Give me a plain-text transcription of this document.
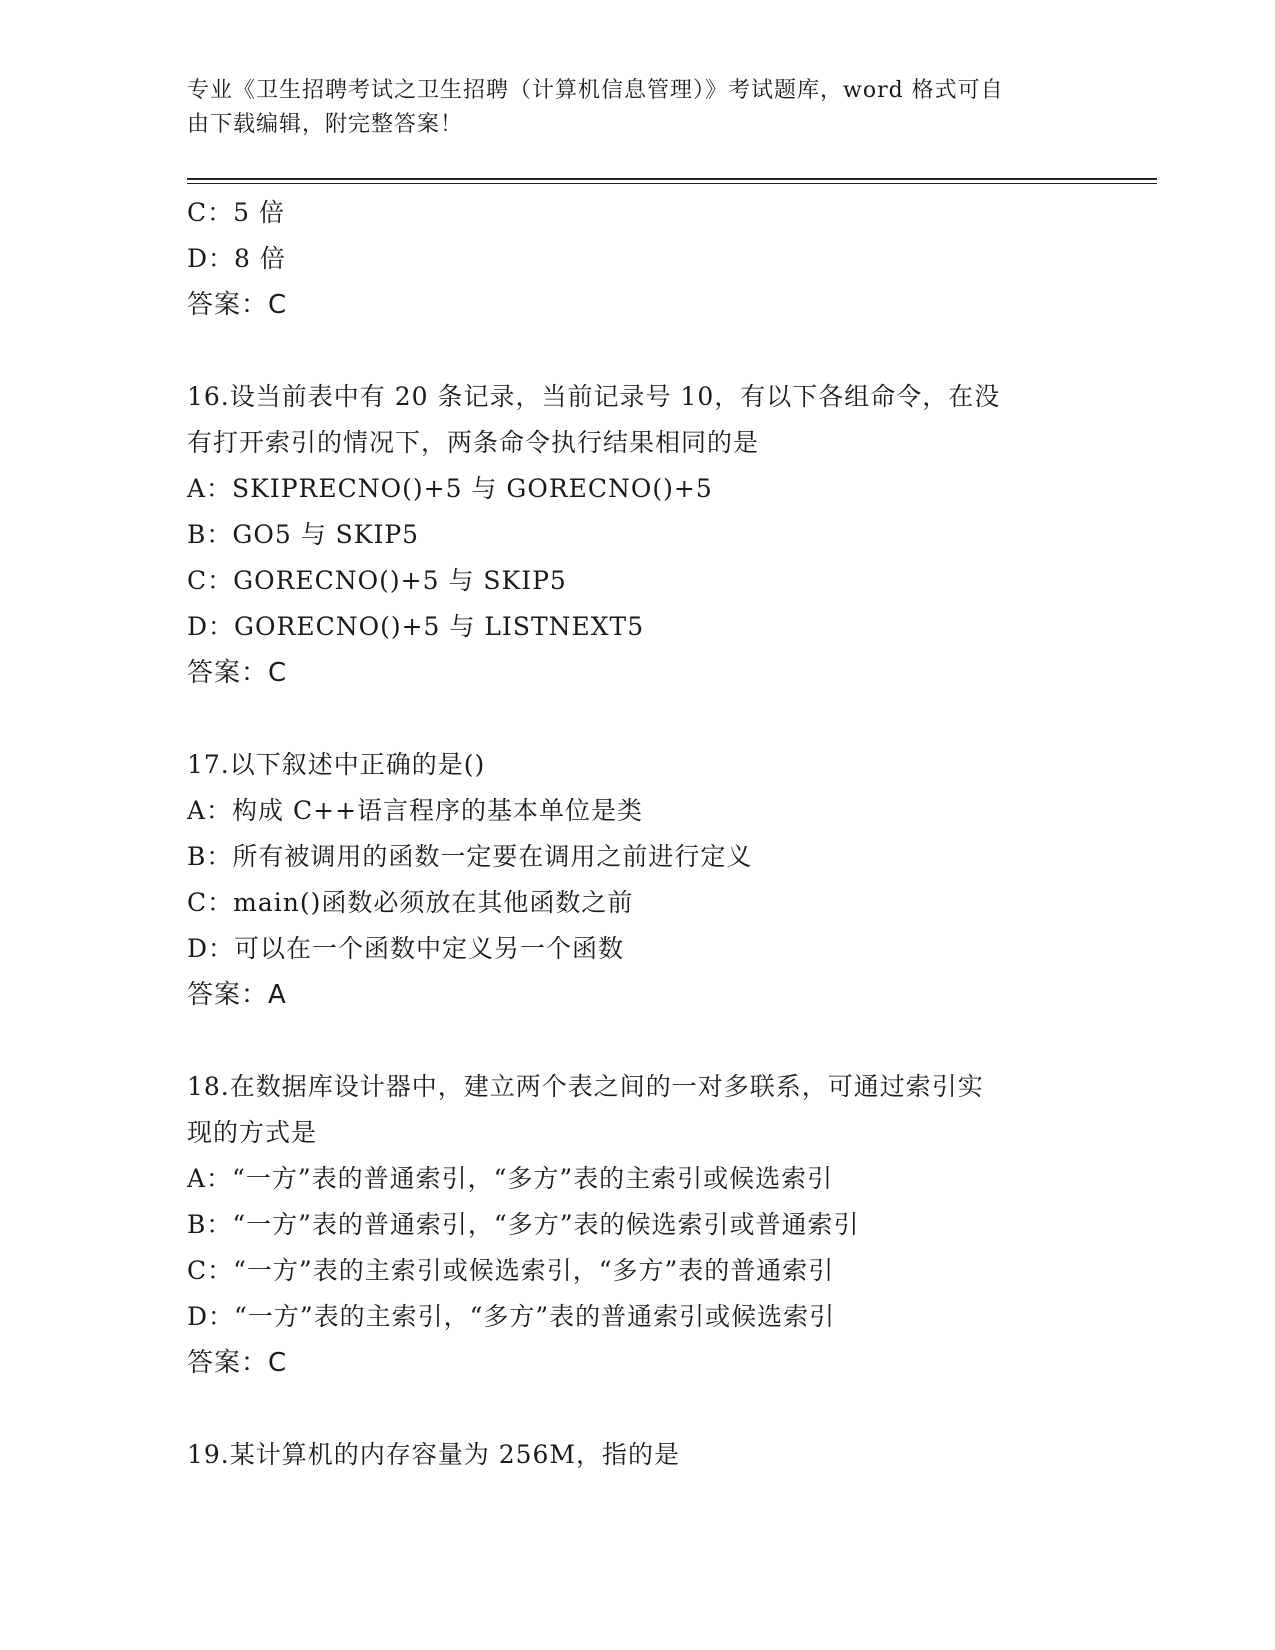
专业《卫生招聘考试之卫生招聘（计算机信息管理）》考试题库，word 格式可自
由下载编辑，附完整答案！
C：5 倍
D：8 倍
答案：C
16.设当前表中有 20 条记录，当前记录号 10，有以下各组命令，在没
有打开索引的情况下，两条命令执行结果相同的是
A：SKIPRECNO()+5 与 GORECNO()+5
B：GO5 与 SKIP5
C：GORECNO()+5 与 SKIP5
D：GORECNO()+5 与 LISTNEXT5
答案：C
17.以下叙述中正确的是()
A：构成 C++语言程序的基本单位是类
B：所有被调用的函数一定要在调用之前进行定义
C：main()函数必须放在其他函数之前
D：可以在一个函数中定义另一个函数
答案：A
18.在数据库设计器中，建立两个表之间的一对多联系，可通过索引实
现的方式是
A：“一方”表的普通索引，“多方”表的主索引或候选索引
B：“一方”表的普通索引，“多方”表的候选索引或普通索引
C：“一方”表的主索引或候选索引，“多方”表的普通索引
D：“一方”表的主索引，“多方”表的普通索引或候选索引
答案：C
19.某计算机的内存容量为 256M，指的是
